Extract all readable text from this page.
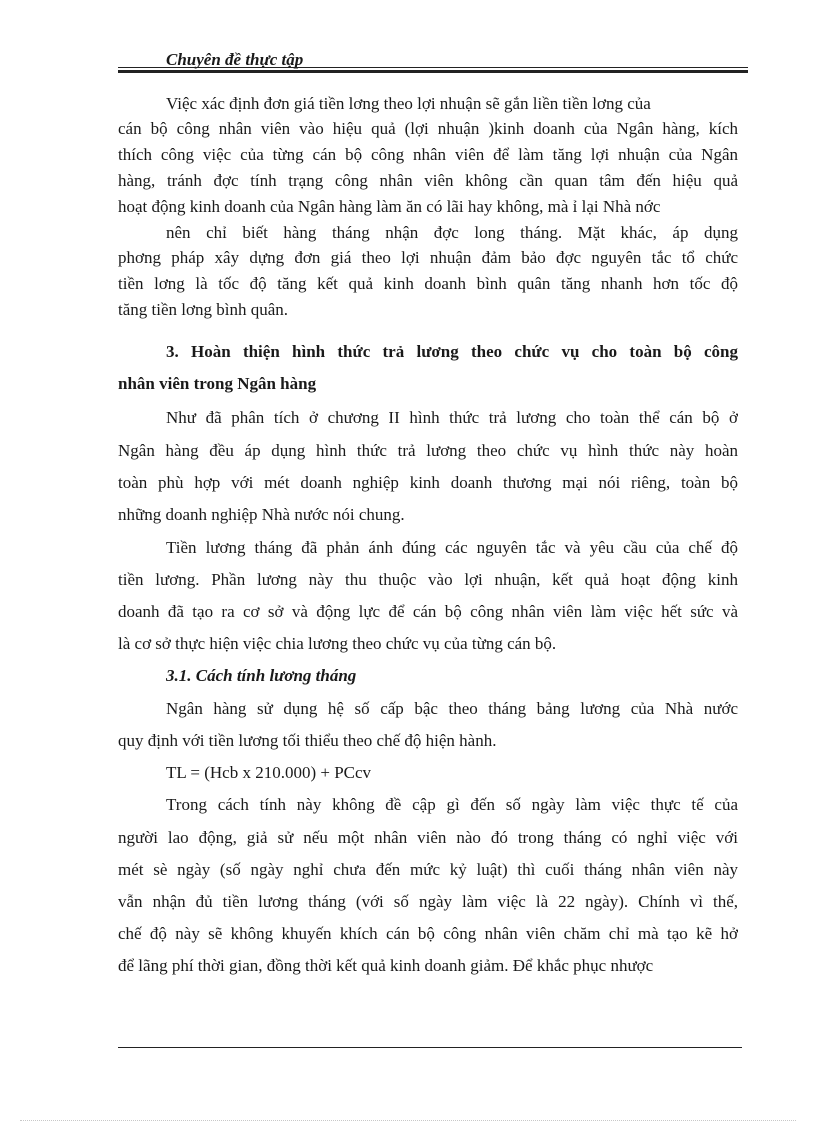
Chuyên đề thực tập
Việc xác định đơn giá tiền lơng theo lợi nhuận sẽ gắn liền tiền lơng của
cán bộ công nhân viên vào hiệu quả (lợi nhuận )kinh doanh của Ngân hàng, kích
thích công việc của từng cán bộ công nhân viên để làm tăng lợi nhuận của Ngân
hàng, tránh đợc tính trạng công nhân viên không cần quan tâm đến hiệu quả
hoạt động kinh doanh của Ngân hàng làm ăn có lãi hay không, mà ỉ lại Nhà nớc
nên chỉ biết hàng tháng nhận đợc long tháng. Mặt khác, áp dụng
phơng pháp xây dựng đơn giá theo lợi nhuận đảm bảo đợc nguyên tắc tổ chức
tiền lơng là tốc độ tăng kết quả kinh doanh bình quân tăng nhanh hơn tốc độ
tăng tiền lơng bình quân.
3. Hoàn thiện hình thức trả lương theo chức vụ cho toàn bộ công
nhân viên trong Ngân hàng
Như đã phân tích ở chương II hình thức trả lương cho toàn thể cán bộ ở
Ngân hàng đều áp dụng hình thức trả lương theo chức vụ hình thức này hoàn
toàn phù hợp với mét doanh nghiệp kinh doanh thương mại nói riêng, toàn bộ
những doanh nghiệp Nhà nước nói chung.
Tiền lương tháng đã phản ánh đúng các nguyên tắc và yêu cầu của chế độ
tiền lương. Phần lương này thu thuộc vào lợi nhuận, kết quả hoạt động kinh
doanh đã tạo ra cơ sở và động lực để cán bộ công nhân viên làm việc hết sức và
là cơ sở thực hiện việc chia lương theo chức vụ của từng cán bộ.
3.1. Cách tính lương tháng
Ngân hàng sử dụng hệ số cấp bậc theo tháng bảng lương của Nhà nước
quy định với tiền lương tối thiểu theo chế độ hiện hành.
TL = (Hcb x 210.000) + PCcv
Trong cách tính này không đề cập gì đến số ngày làm việc thực tế của
người lao động, giả sử nếu một nhân viên nào đó trong tháng có nghỉ việc với
mét sè ngày (số ngày nghỉ chưa đến mức kỷ luật) thì cuối tháng nhân viên này
vẫn nhận đủ tiền lương tháng (với số ngày làm việc là 22 ngày). Chính vì thế,
chế độ này sẽ không khuyến khích cán bộ công nhân viên chăm chỉ mà tạo kẽ hở
để lãng phí thời gian, đồng thời kết quả kinh doanh giảm. Để khắc phục nhược
